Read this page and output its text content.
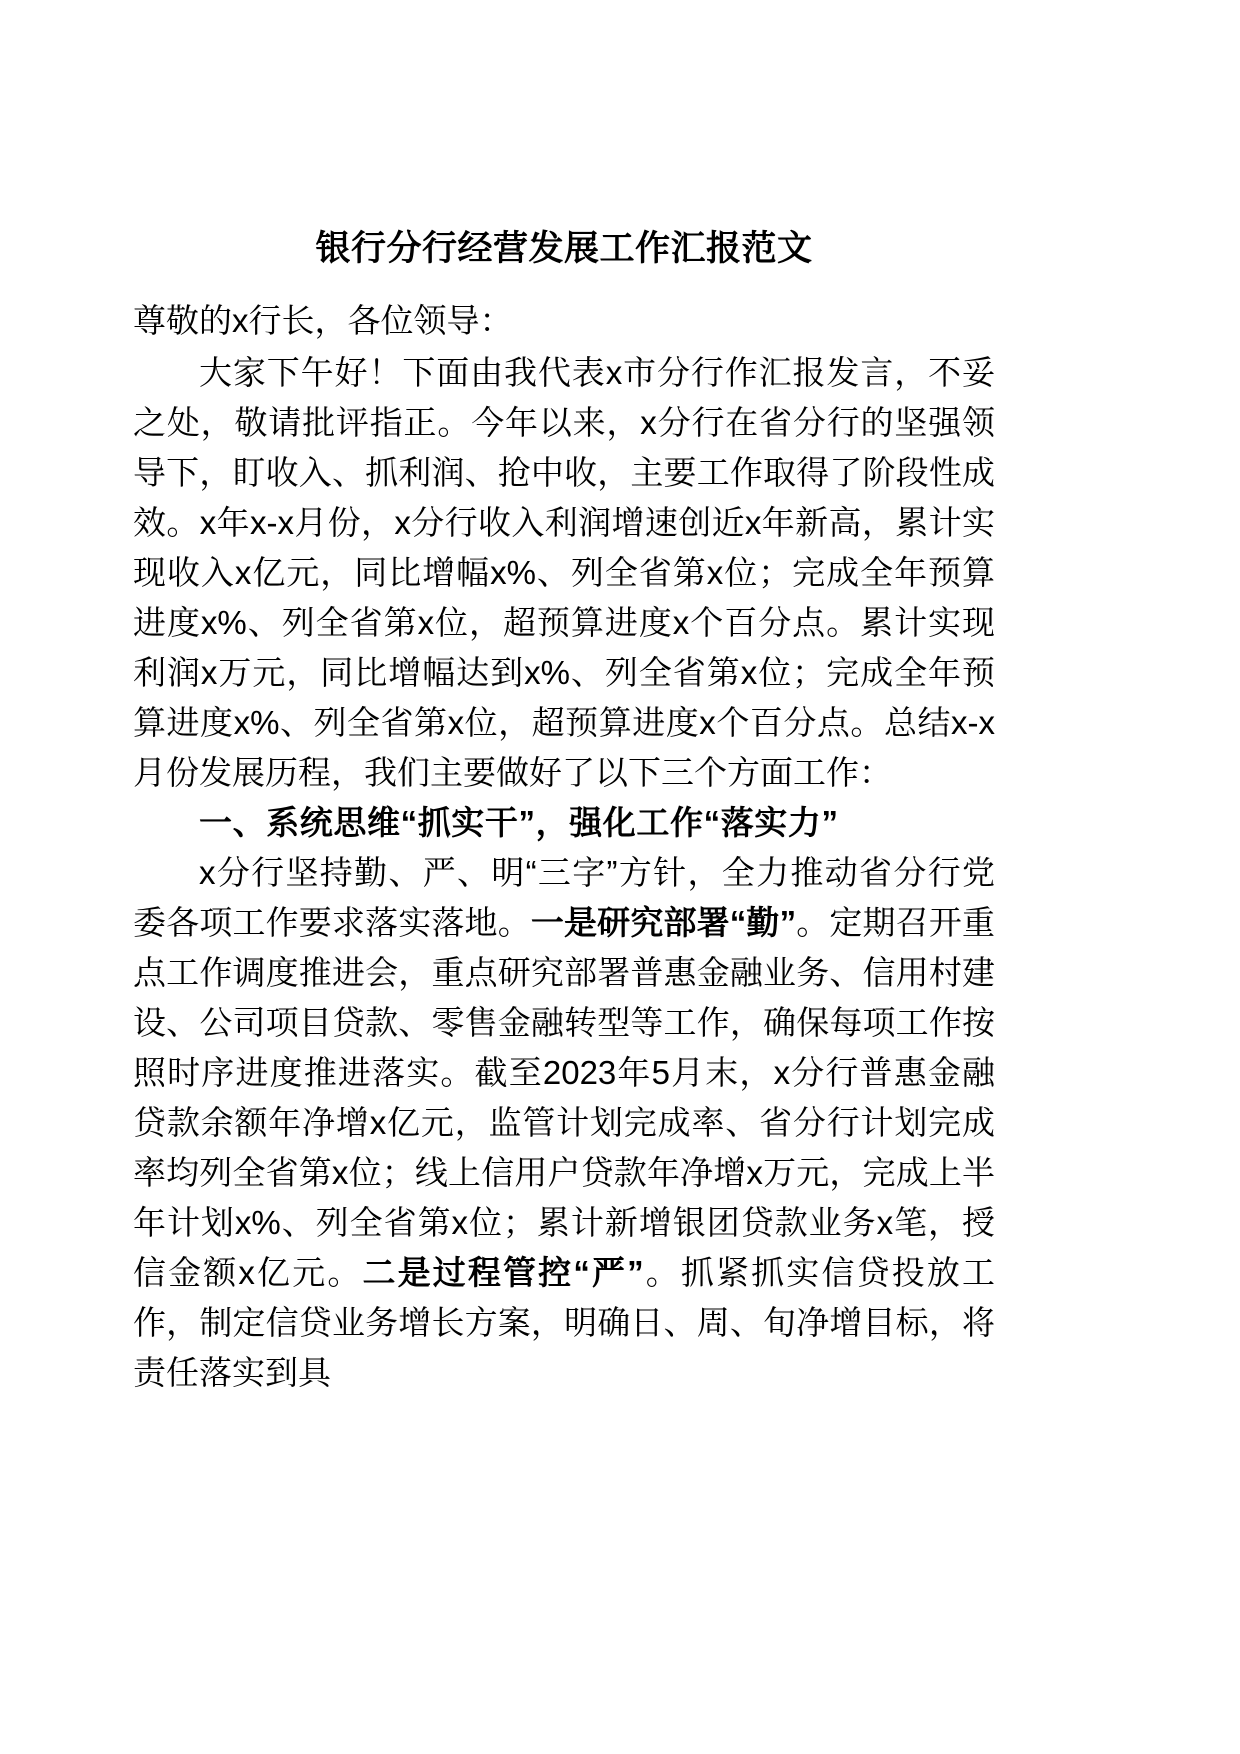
银行分行经营发展工作汇报范文

尊敬的x行长，各位领导：

大家下午好！下面由我代表x市分行作汇报发言，不妥之处，敬请批评指正。今年以来，x分行在省分行的坚强领导下，盯收入、抓利润、抢中收，主要工作取得了阶段性成效。x年x-x月份，x分行收入利润增速创近x年新高，累计实现收入x亿元，同比增幅x%、列全省第x位；完成全年预算进度x%、列全省第x位，超预算进度x个百分点。累计实现利润x万元，同比增幅达到x%、列全省第x位；完成全年预算进度x%、列全省第x位，超预算进度x个百分点。总结x-x月份发展历程，我们主要做好了以下三个方面工作：

一、系统思维“抓实干”，强化工作“落实力”

x分行坚持勤、严、明“三字”方针，全力推动省分行党委各项工作要求落实落地。一是研究部署“勤”。定期召开重点工作调度推进会，重点研究部署普惠金融业务、信用村建设、公司项目贷款、零售金融转型等工作，确保每项工作按照时序进度推进落实。截至2023年5月末，x分行普惠金融贷款余额年净增x亿元，监管计划完成率、省分行计划完成率均列全省第x位；线上信用户贷款年净增x万元，完成上半年计划x%、列全省第x位；累计新增银团贷款业务x笔，授信金额x亿元。二是过程管控“严”。抓紧抓实信贷投放工作，制定信贷业务增长方案，明确日、周、旬净增目标，将责任落实到具
